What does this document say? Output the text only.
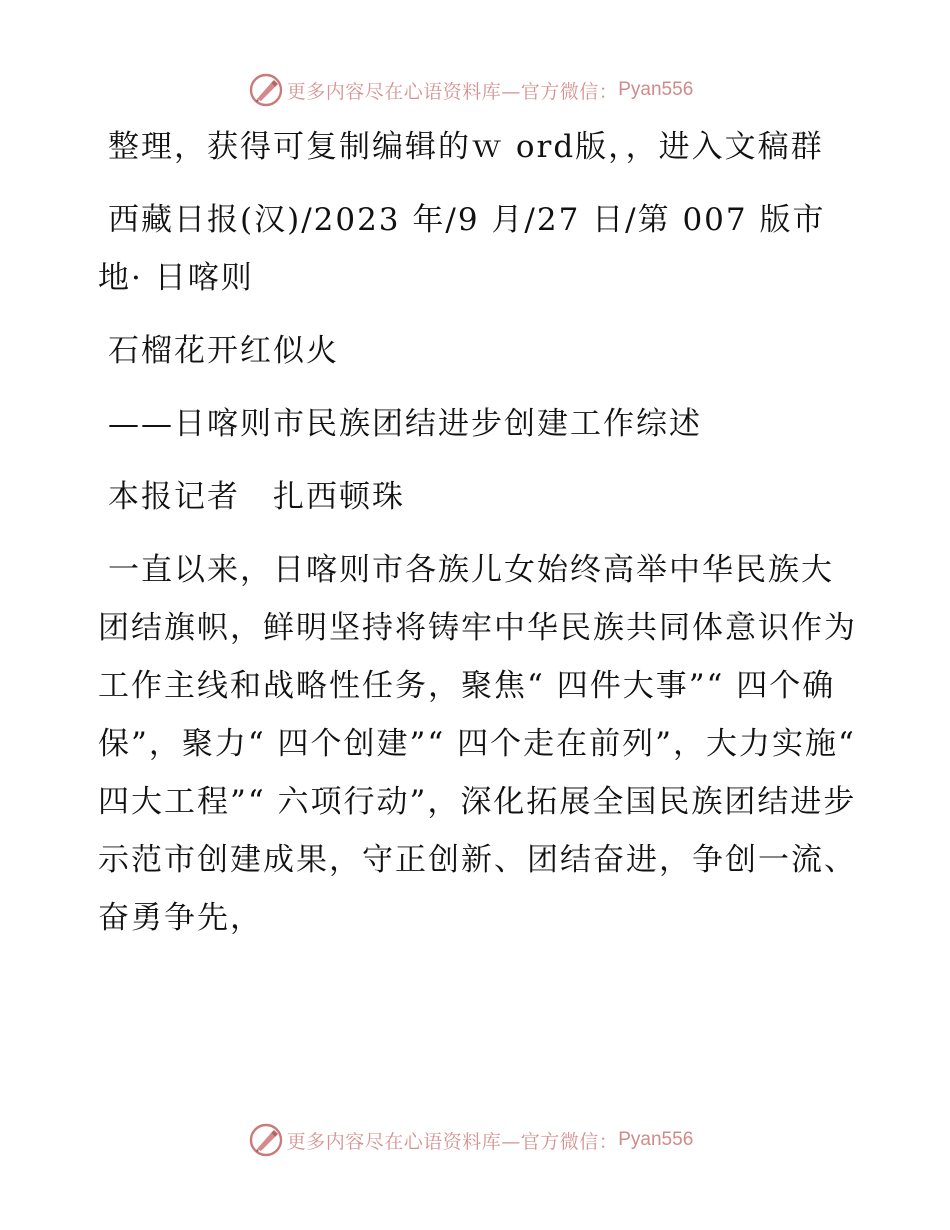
更多内容尽在心语资料库—官方微信： Pyan556

整理，获得可复制编辑的ｗ ord版，，进入文稿群

西藏日报(汉)/2023 年/9 月/27 日/第 007 版市地· 日喀则

石榴花开红似火

——日喀则市民族团结进步创建工作综述

本报记者　扎西顿珠

一直以来，日喀则市各族儿女始终高举中华民族大团结旗帜，鲜明坚持将铸牢中华民族共同体意识作为工作主线和战略性任务，聚焦“ 四件大事”“ 四个确保”，聚力“ 四个创建”“ 四个走在前列”，大力实施“ 四大工程”“ 六项行动”，深化拓展全国民族团结进步示范市创建成果，守正创新、团结奋进，争创一流、奋勇争先，

更多内容尽在心语资料库—官方微信： Pyan556
